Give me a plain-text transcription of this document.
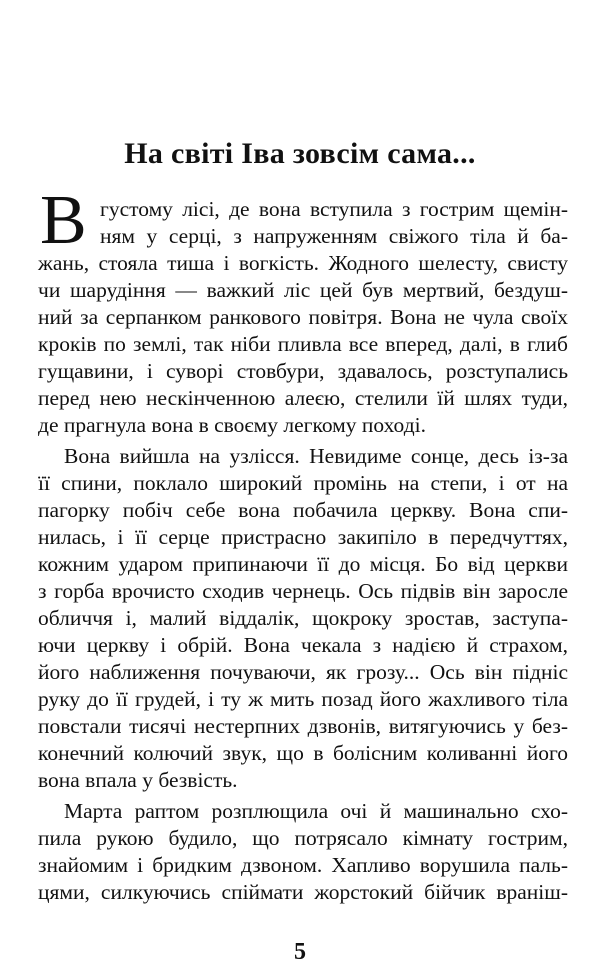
На світі Іва зовсім сама...
В густому лісі, де вона вступила з гострим щемін-
ням у серці, з напруженням свіжого тіла й ба-
жань, стояла тиша і вогкість. Жодного шелесту, свисту
чи шарудіння — важкий ліс цей був мертвий, бездуш-
ний за серпанком ранкового повітря. Вона не чула своїх
кроків по землі, так ніби пливла все вперед, далі, в глиб
гущавини, і суворі стовбури, здавалось, розступались
перед нею нескінченною алеєю, стелили їй шлях туди,
де прагнула вона в своєму легкому поході.
Вона вийшла на узлісся. Невидиме сонце, десь із-за
її спини, поклало широкий промінь на степи, і от на
пагорку побіч себе вона побачила церкву. Вона спи-
нилась, і її серце пристрасно закипіло в передчуттях,
кожним ударом припинаючи її до місця. Бо від церкви
з горба врочисто сходив чернець. Ось підвів він заросле
обличчя і, малий віддалік, щокроку зростав, заступа-
ючи церкву і обрій. Вона чекала з надією й страхом,
його наближення почуваючи, як грозу... Ось він підніс
руку до її грудей, і ту ж мить позад його жахливого тіла
повстали тисячі нестерпних дзвонів, витягуючись у без-
конечний колючий звук, що в болісним коливанні його
вона впала у безвість.
5
Марта раптом розплющила очі й машинально схо-
пила рукою будило, що потрясало кімнату гострим,
знайомим і бридким дзвоном. Хапливо ворушила паль-
цями, силкуючись спіймати жорстокий бійчик враніш-
